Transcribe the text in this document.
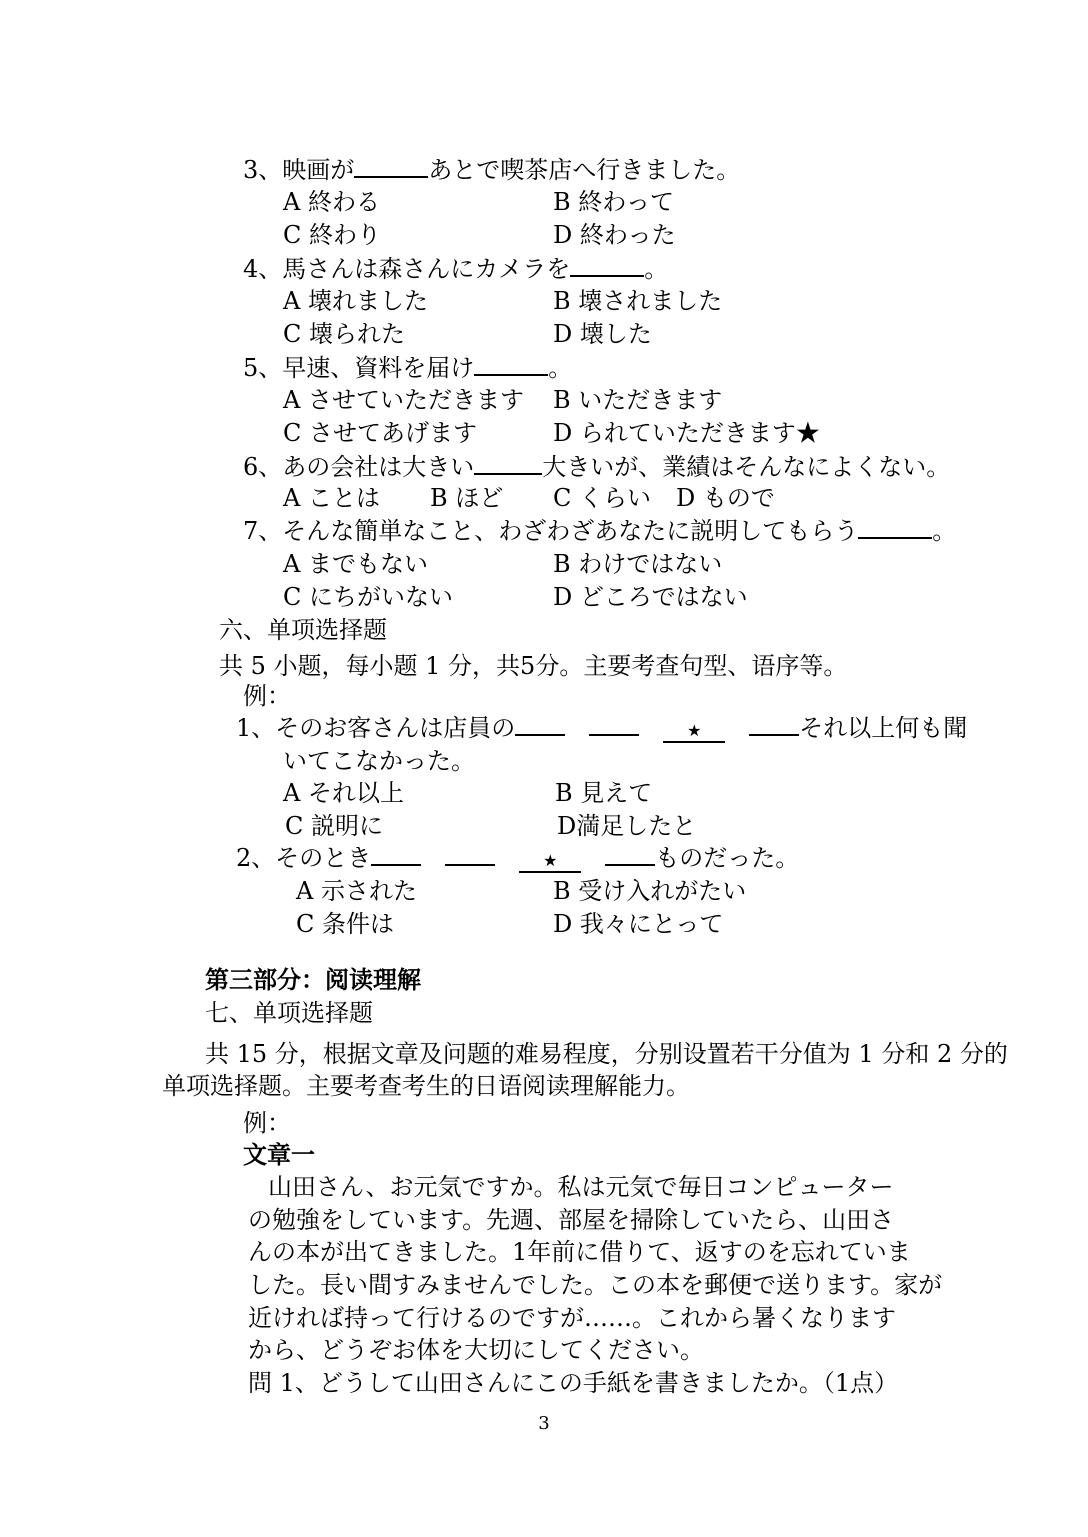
3、映画が	あとで喫茶店へ行きました。
A 終わる	B 終わって
C 終わり	D 終わった
4、馬さんは森さんにカメラを	。
A 壊れました	B 壊されました
C 壊られた	D 壊した
5、早速、資料を届け	。
A させていただきます B いただきます
C させてあげます	D られていただきます★
6、あの会社は大きい	大きいが、業績はそんなによくない。
A ことは B ほど C くらい D もので
7、そんな簡単なこと、わざわざあなたに説明してもらう	。
A までもない	B わけではない
C にちがいない	D どころではない
六、单项选择题
共 5 小题，每小题 1 分，共5分。主要考查句型、语序等。
例：
1、そのお客さんは店員の	★	それ以上何も聞
いてこなかった。
A それ以上	B 見えて
C 説明に	D満足したと
2、そのとき	★	ものだった。
A 示された	B 受け入れがたい
C 条件は	D 我々にとって
第三部分：阅读理解
七、单项选择题
共 15 分，根据文章及问题的难易程度，分别设置若干分值为 1 分和 2 分的
单项选择题。主要考查考生的日语阅读理解能力。
例：
文章一
山田さん、お元気ですか。私は元気で毎日コンピューター
の勉強をしています。先週、部屋を掃除していたら、山田さ
んの本が出てきました。1年前に借りて、返すのを忘れていま
した。長い間すみませんでした。この本を郵便で送ります。家が
近ければ持って行けるのですが……。これから暑くなります
から、どうぞお体を大切にしてください。
問 1、どうして山田さんにこの手紙を書きましたか。（1点）
3
